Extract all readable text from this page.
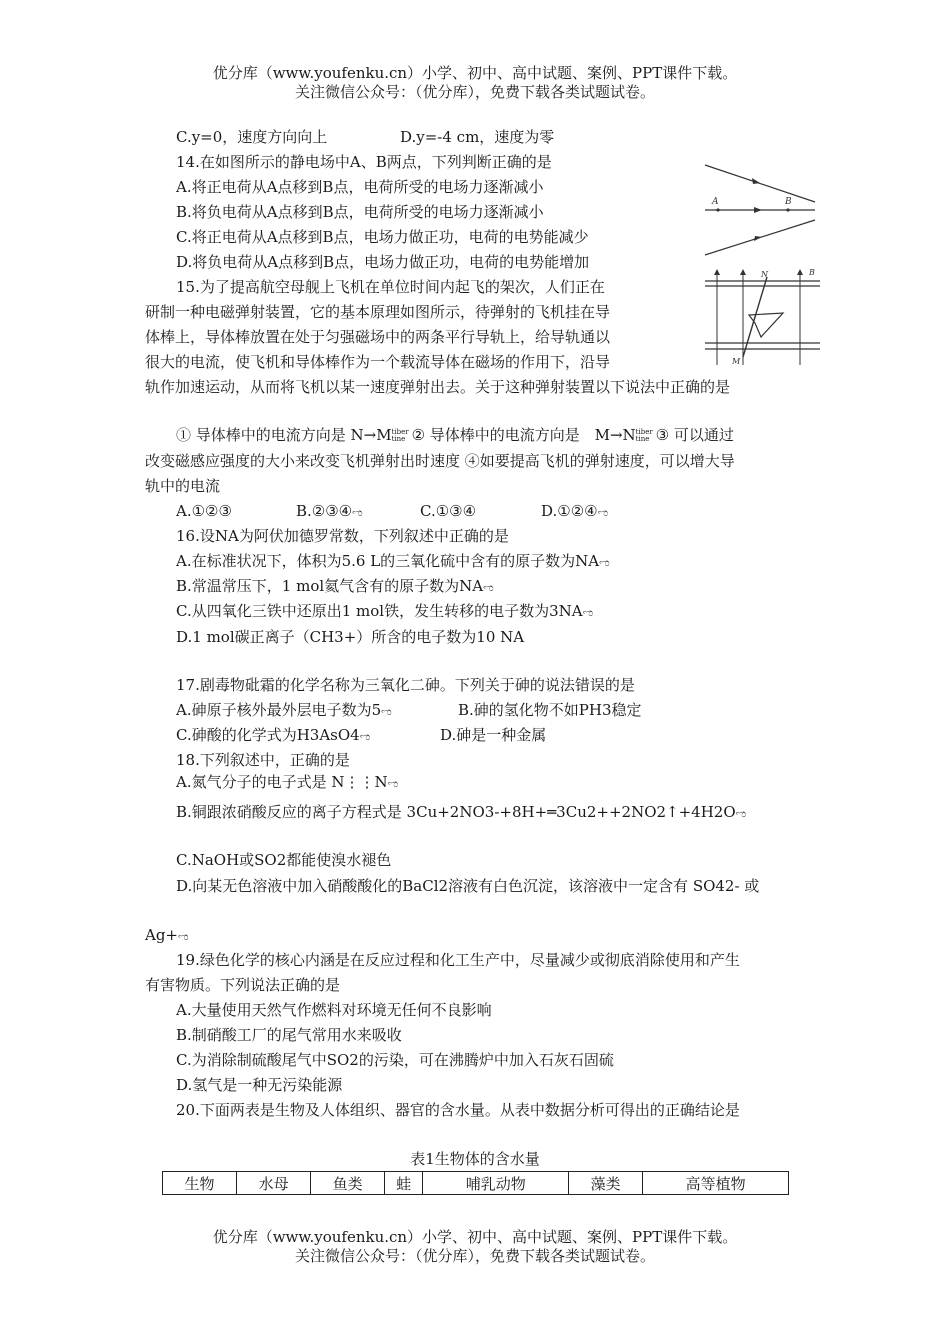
优分库（www.youfenku.cn）小学、初中、高中试题、案例、PPT课件下载。
关注微信公众号：（优分库），免费下载各类试题试卷。
C.y=0，速度方向向上	D.y=-4 cm，速度为零
14.在如图所示的静电场中A、B两点，下列判断正确的是
A.将正电荷从A点移到B点，电荷所受的电场力逐渐减小
B.将负电荷从A点移到B点，电荷所受的电场力逐渐减小
C.将正电荷从A点移到B点，电场力做正功，电荷的电势能减少
D.将负电荷从A点移到B点，电场力做正功，电荷的电势能增加
A	B
15.为了提高航空母舰上飞机在单位时间内起飞的架次，人们正在
研制一种电磁弹射装置，它的基本原理如图所示，待弹射的飞机挂在导
体棒上，导体棒放置在处于匀强磁场中的两条平行导轨上，给导轨通以
很大的电流，使飞机和导体棒作为一个载流导体在磁场的作用下，沿导
轨作加速运动，从而将飞机以某一速度弹射出去。关于这种弹射装置以下说法中正确的是
N	B
M
① 导体棒中的电流方向是 N→Mtiber
tine ② 导体棒中的电流方向是 M→Ntiber
tine ③ 可以通过
改变磁感应强度的大小来改变飞机弹射出时速度 ④如要提高飞机的弹射速度，可以增大导
轨中的电流
A.①②③	B.②③④ಌ	C.①③④	D.①②④ಌ
16.设NA为阿伏加德罗常数，下列叙述中正确的是
A.在标准状况下，体积为5.6 L的三氧化硫中含有的原子数为NAಌ
B.常温常压下，1 mol氦气含有的原子数为NAಌ
C.从四氧化三铁中还原出1 mol铁，发生转移的电子数为3NAಌ
D.1 mol碳正离子（CH3+）所含的电子数为10 NA
17.剧毒物砒霜的化学名称为三氧化二砷。下列关于砷的说法错误的是
A.砷原子核外最外层电子数为5ಌ	B.砷的氢化物不如PH3稳定
C.砷酸的化学式为H3AsO4ಌ	D.砷是一种金属
18.下列叙述中，正确的是
A.氮气分子的电子式是 N⋮⋮Nಌ
B.铜跟浓硝酸反应的离子方程式是 3Cu+2NO3-+8H+═3Cu2++2NO2↑+4H2Oಌ
C.NaOH或SO2都能使溴水褪色
D.向某无色溶液中加入硝酸酸化的BaCl2溶液有白色沉淀，该溶液中一定含有 SO42- 或
Ag+ಌ
19.绿色化学的核心内涵是在反应过程和化工生产中，尽量减少或彻底消除使用和产生
有害物质。下列说法正确的是
A.大量使用天然气作燃料对环境无任何不良影响
B.制硝酸工厂的尾气常用水来吸收
C.为消除制硫酸尾气中SO2的污染，可在沸腾炉中加入石灰石固硫
D.氢气是一种无污染能源
20.下面两表是生物及人体组织、器官的含水量。从表中数据分析可得出的正确结论是
表1生物体的含水量
生物	水母	鱼类	蛙	哺乳动物	藻类	高等植物
优分库（www.youfenku.cn）小学、初中、高中试题、案例、PPT课件下载。
关注微信公众号：（优分库），免费下载各类试题试卷。
